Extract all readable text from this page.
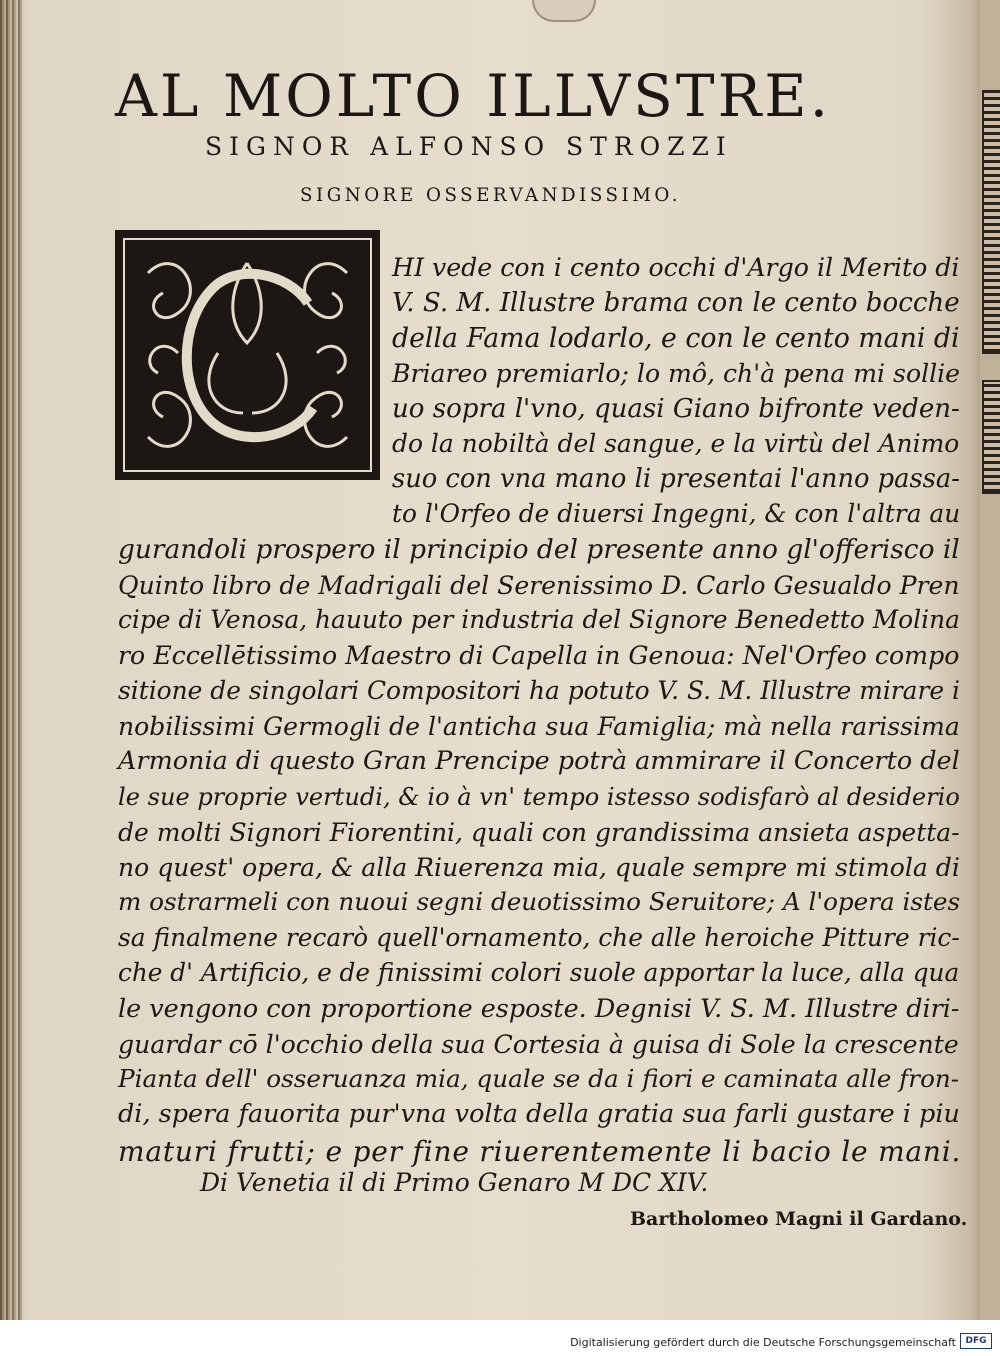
AL MOLTO ILLVSTRE.
SIGNOR ALFONSO STROZZI
SIGNORE OSSERVANDISSIMO.
C	HI vede con i cento occhi d'Argo il Merito di
V. S. M. Illustre brama con le cento bocche
della Fama lodarlo, e con le cento mani di
Briareo premiarlo; lo mô, ch'à pena mi sollie
uo sopra l'vno, quasi Giano bifronte veden-
do la nobiltà del sangue, e la virtù del Animo
suo con vna mano li presentai l'anno passa-
to l'Orfeo de diuersi Ingegni, & con l'altra au
gurandoli prospero il principio del presente anno gl'offerisco il
Quinto libro de Madrigali del Serenissimo D. Carlo Gesualdo Pren
cipe di Venosa, hauuto per industria del Signore Benedetto Molina
ro Eccellētissimo Maestro di Capella in Genoua: Nel'Orfeo compo
sitione de singolari Compositori ha potuto V. S. M. Illustre mirare i
nobilissimi Germogli de l'anticha sua Famiglia; mà nella rarissima
Armonia di questo Gran Prencipe potrà ammirare il Concerto del
le sue proprie vertudi, & io à vn' tempo istesso sodisfarò al desiderio
de molti Signori Fiorentini, quali con grandissima ansieta aspetta-
no quest' opera, & alla Riuerenza mia, quale sempre mi stimola di
m ostrarmeli con nuoui segni deuotissimo Seruitore; A l'opera istes
sa finalmene recarò quell'ornamento, che alle heroiche Pitture ric-
che d' Artificio, e de finissimi colori suole apportar la luce, alla qua
le vengono con proportione esposte. Degnisi V. S. M. Illustre diri-
guardar cō l'occhio della sua Cortesia à guisa di Sole la crescente
Pianta dell' osseruanza mia, quale se da i fiori e caminata alle fron-
di, spera fauorita pur'vna volta della gratia sua farli gustare i piu
maturi frutti; e per fine riuerentemente li bacio le mani.
Di Venetia il di Primo Genaro M DC XIV.
Bartholomeo Magni il Gardano.
Digitalisierung gefördert durch die Deutsche Forschungsgemeinschaft	DFG
